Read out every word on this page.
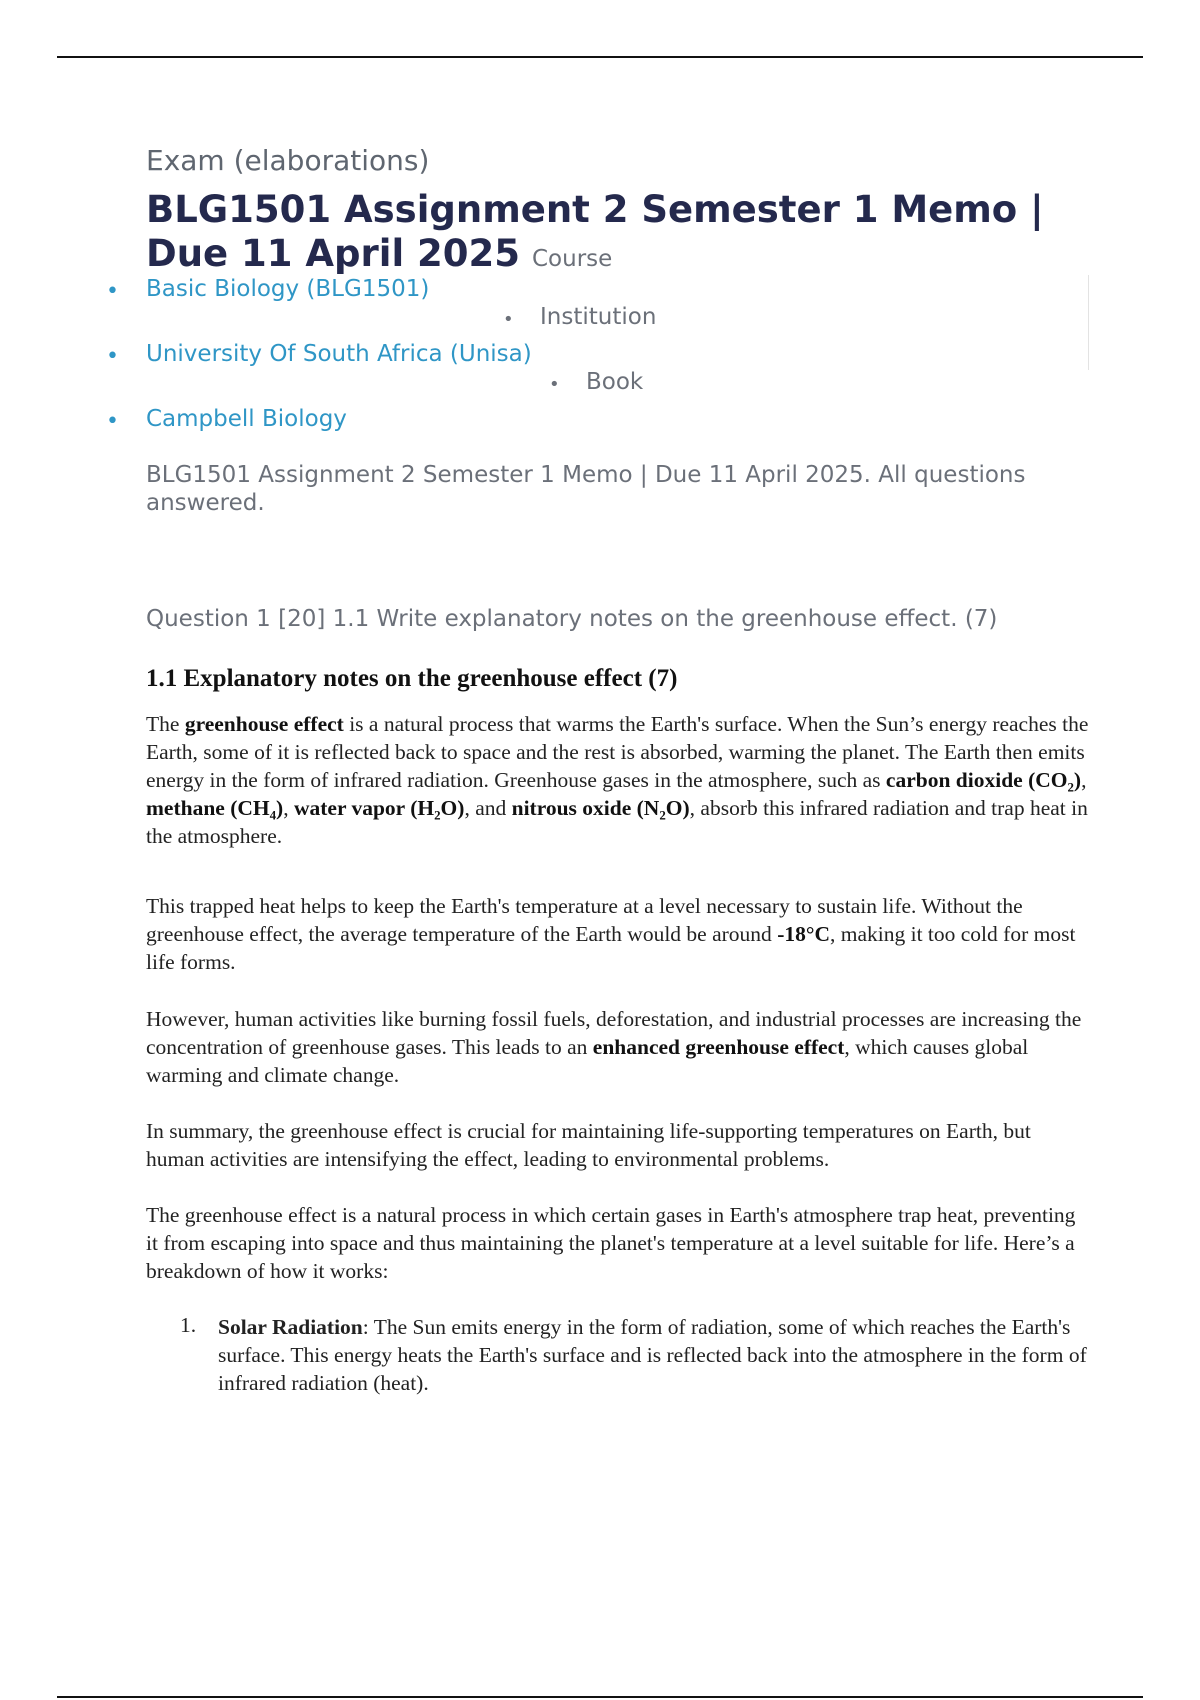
Exam (elaborations)
BLG1501 Assignment 2 Semester 1 Memo | Due 11 April 2025 Course
• Basic Biology (BLG1501)
• Institution
• University Of South Africa (Unisa)
• Book
• Campbell Biology
BLG1501 Assignment 2 Semester 1 Memo | Due 11 April 2025. All questions answered.
Question 1 [20] 1.1 Write explanatory notes on the greenhouse effect. (7)
1.1 Explanatory notes on the greenhouse effect (7)

The greenhouse effect is a natural process that warms the Earth's surface. When the Sun’s energy reaches the Earth, some of it is reflected back to space and the rest is absorbed, warming the planet. The Earth then emits energy in the form of infrared radiation. Greenhouse gases in the atmosphere, such as carbon dioxide (CO₂), methane (CH₄), water vapor (H₂O), and nitrous oxide (N₂O), absorb this infrared radiation and trap heat in the atmosphere.

This trapped heat helps to keep the Earth's temperature at a level necessary to sustain life. Without the greenhouse effect, the average temperature of the Earth would be around -18°C, making it too cold for most life forms.

However, human activities like burning fossil fuels, deforestation, and industrial processes are increasing the concentration of greenhouse gases. This leads to an enhanced greenhouse effect, which causes global warming and climate change.

In summary, the greenhouse effect is crucial for maintaining life-supporting temperatures on Earth, but human activities are intensifying the effect, leading to environmental problems.

The greenhouse effect is a natural process in which certain gases in Earth's atmosphere trap heat, preventing it from escaping into space and thus maintaining the planet's temperature at a level suitable for life. Here’s a breakdown of how it works:

1. Solar Radiation: The Sun emits energy in the form of radiation, some of which reaches the Earth's surface. This energy heats the Earth's surface and is reflected back into the atmosphere in the form of infrared radiation (heat).
